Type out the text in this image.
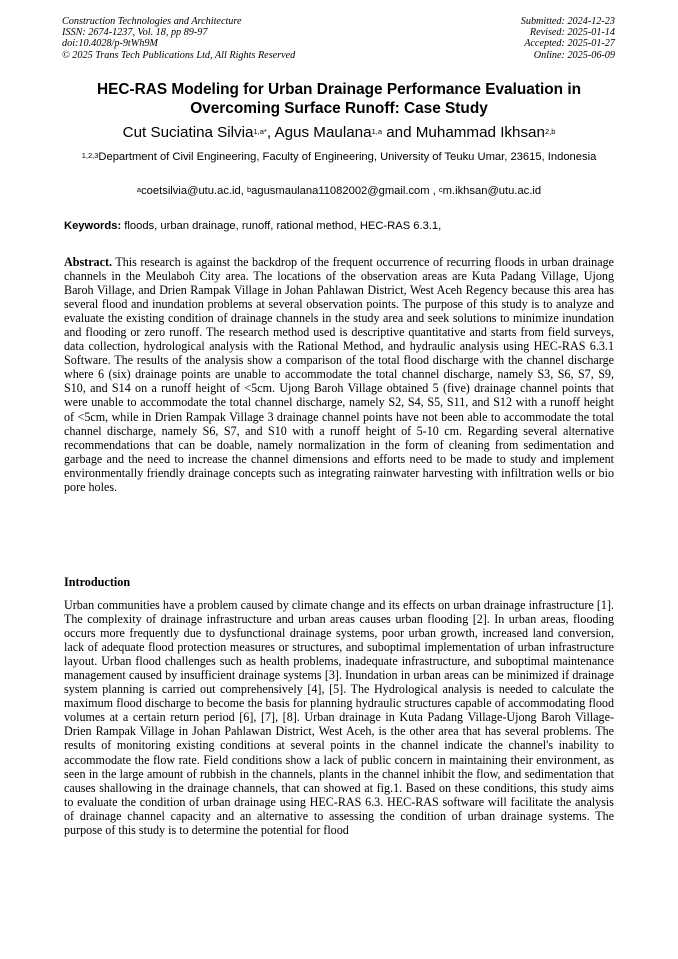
Construction Technologies and Architecture
ISSN: 2674-1237, Vol. 18, pp 89-97
doi:10.4028/p-9tWh9M
© 2025 Trans Tech Publications Ltd, All Rights Reserved
Submitted: 2024-12-23
Revised: 2025-01-14
Accepted: 2025-01-27
Online: 2025-06-09
HEC-RAS Modeling for Urban Drainage Performance Evaluation in
Overcoming Surface Runoff: Case Study
Cut Suciatina Silvia$^{1,a*}$, Agus Maulana$^{1,a}$ and Muhammad Ikhsan$^{2,b}$
$^{1,2,3}$Department of Civil Engineering, Faculty of Engineering, University of Teuku Umar, 23615, Indonesia
$^a$coetsilvia@utu.ac.id, $^b$agusmaulana11082002@gmail.com , $^c$m.ikhsan@utu.ac.id
Keywords: floods, urban drainage, runoff, rational method, HEC-RAS 6.3.1,
Abstract. This research is against the backdrop of the frequent occurrence of recurring floods in urban drainage channels in the Meulaboh City area. The locations of the observation areas are Kuta Padang Village, Ujong Baroh Village, and Drien Rampak Village in Johan Pahlawan District, West Aceh Regency because this area has several flood and inundation problems at several observation points. The purpose of this study is to analyze and evaluate the existing condition of drainage channels in the study area and seek solutions to minimize inundation and flooding or zero runoff. The research method used is descriptive quantitative and starts from field surveys, data collection, hydrological analysis with the Rational Method, and hydraulic analysis using HEC-RAS 6.3.1 Software. The results of the analysis show a comparison of the total flood discharge with the channel discharge where 6 (six) drainage points are unable to accommodate the total channel discharge, namely S3, S6, S7, S9, S10, and S14 on a runoff height of <5cm. Ujong Baroh Village obtained 5 (five) drainage channel points that were unable to accommodate the total channel discharge, namely S2, S4, S5, S11, and S12 with a runoff height of <5cm, while in Drien Rampak Village 3 drainage channel points have not been able to accommodate the total channel discharge, namely S6, S7, and S10 with a runoff height of 5-10 cm. Regarding several alternative recommendations that can be doable, namely normalization in the form of cleaning from sedimentation and garbage and the need to increase the channel dimensions and efforts need to be made to study and implement environmentally friendly drainage concepts such as integrating rainwater harvesting with infiltration wells or bio pore holes.
Introduction
Urban communities have a problem caused by climate change and its effects on urban drainage infrastructure [1]. The complexity of drainage infrastructure and urban areas causes urban flooding [2]. In urban areas, flooding occurs more frequently due to dysfunctional drainage systems, poor urban growth, increased land conversion, lack of adequate flood protection measures or structures, and suboptimal implementation of urban infrastructure layout. Urban flood challenges such as health problems, inadequate infrastructure, and suboptimal maintenance management caused by insufficient drainage systems [3]. Inundation in urban areas can be minimized if drainage system planning is carried out comprehensively [4], [5]. The Hydrological analysis is needed to calculate the maximum flood discharge to become the basis for planning hydraulic structures capable of accommodating flood volumes at a certain return period [6], [7], [8]. Urban drainage in Kuta Padang Village-Ujong Baroh Village-Drien Rampak Village in Johan Pahlawan District, West Aceh, is the other area that has several problems. The results of monitoring existing conditions at several points in the channel indicate the channel's inability to accommodate the flow rate. Field conditions show a lack of public concern in maintaining their environment, as seen in the large amount of rubbish in the channels, plants in the channel inhibit the flow, and sedimentation that causes shallowing in the drainage channels, that can showed at fig.1. Based on these conditions, this study aims to evaluate the condition of urban drainage using HEC-RAS 6.3. HEC-RAS software will facilitate the analysis of drainage channel capacity and an alternative to assessing the condition of urban drainage systems. The purpose of this study is to determine the potential for flood
